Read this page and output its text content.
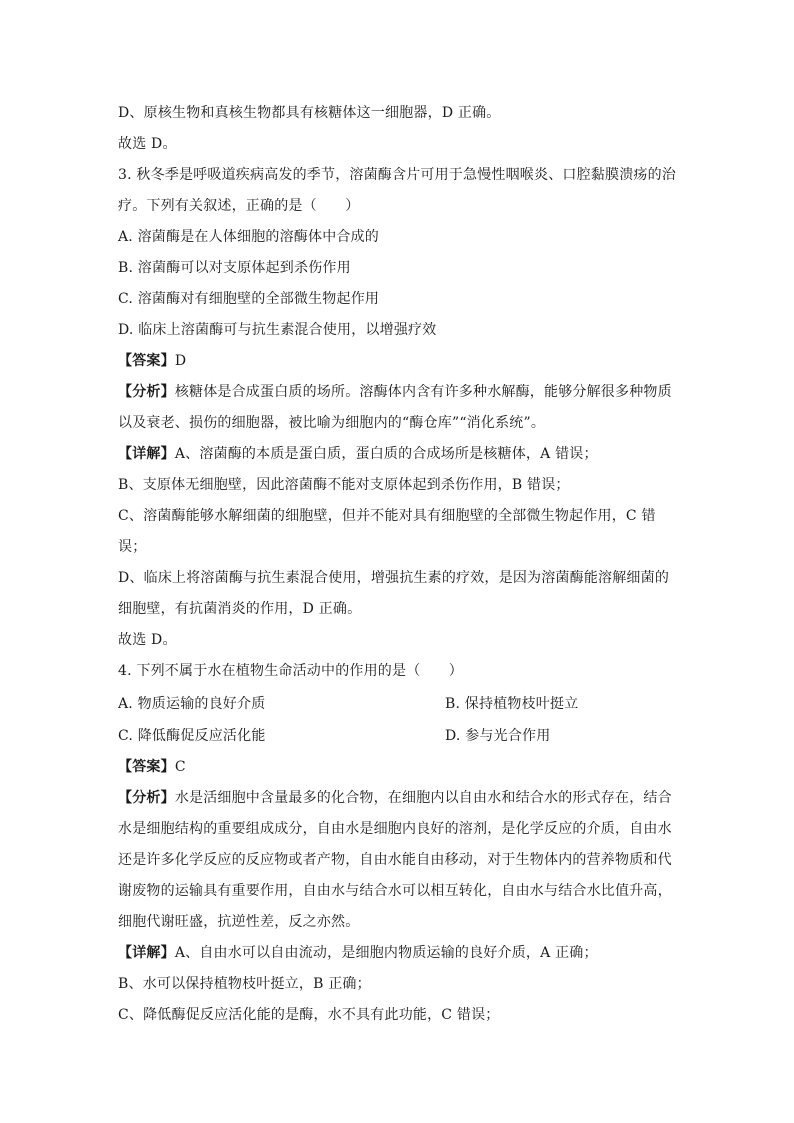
D、原核生物和真核生物都具有核糖体这一细胞器，D 正确。
故选 D。
3. 秋冬季是呼吸道疾病高发的季节，溶菌酶含片可用于急慢性咽喉炎、口腔黏膜溃疡的治
疗。下列有关叙述，正确的是（　　）
A. 溶菌酶是在人体细胞的溶酶体中合成的
B. 溶菌酶可以对支原体起到杀伤作用
C. 溶菌酶对有细胞壁的全部微生物起作用
D. 临床上溶菌酶可与抗生素混合使用，以增强疗效
【答案】D
【分析】核糖体是合成蛋白质的场所。溶酶体内含有许多种水解酶，能够分解很多种物质
以及衰老、损伤的细胞器，被比喻为细胞内的“酶仓库”“消化系统”。
【详解】A、溶菌酶的本质是蛋白质，蛋白质的合成场所是核糖体，A 错误；
B、支原体无细胞壁，因此溶菌酶不能对支原体起到杀伤作用，B 错误；
C、溶菌酶能够水解细菌的细胞壁，但并不能对具有细胞壁的全部微生物起作用，C 错
误；
D、临床上将溶菌酶与抗生素混合使用，增强抗生素的疗效，是因为溶菌酶能溶解细菌的
细胞壁，有抗菌消炎的作用，D 正确。
故选 D。
4. 下列不属于水在植物生命活动中的作用的是（　　）
A. 物质运输的良好介质	B. 保持植物枝叶挺立
C. 降低酶促反应活化能	D. 参与光合作用
【答案】C
【分析】水是活细胞中含量最多的化合物，在细胞内以自由水和结合水的形式存在，结合
水是细胞结构的重要组成成分，自由水是细胞内良好的溶剂，是化学反应的介质，自由水
还是许多化学反应的反应物或者产物，自由水能自由移动，对于生物体内的营养物质和代
谢废物的运输具有重要作用，自由水与结合水可以相互转化，自由水与结合水比值升高，
细胞代谢旺盛，抗逆性差，反之亦然。
【详解】A、自由水可以自由流动，是细胞内物质运输的良好介质，A 正确；
B、水可以保持植物枝叶挺立，B 正确；
C、降低酶促反应活化能的是酶，水不具有此功能，C 错误；
